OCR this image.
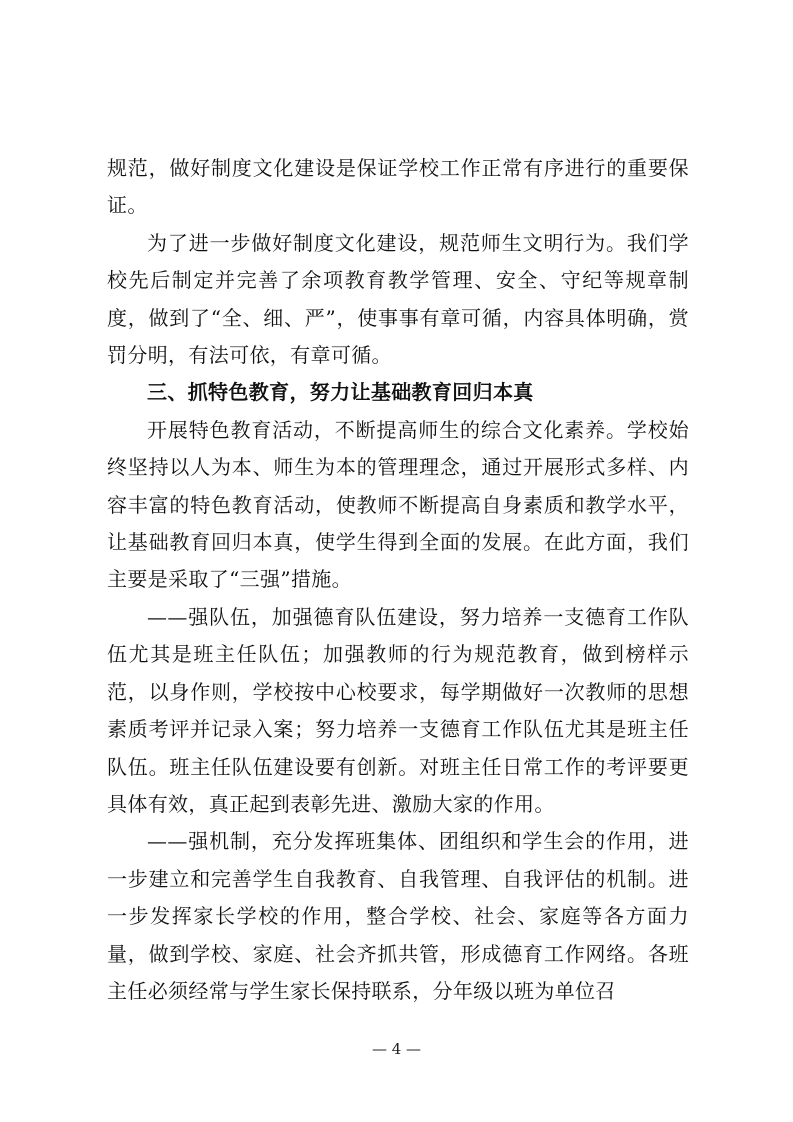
规范，做好制度文化建设是保证学校工作正常有序进行的重要保证。

为了进一步做好制度文化建设，规范师生文明行为。我们学校先后制定并完善了余项教育教学管理、安全、守纪等规章制度，做到了“全、细、严”，使事事有章可循，内容具体明确，赏罚分明，有法可依，有章可循。

三、抓特色教育，努力让基础教育回归本真

开展特色教育活动，不断提高师生的综合文化素养。学校始终坚持以人为本、师生为本的管理理念，通过开展形式多样、内容丰富的特色教育活动，使教师不断提高自身素质和教学水平，让基础教育回归本真，使学生得到全面的发展。在此方面，我们主要是采取了“三强”措施。

——强队伍，加强德育队伍建设，努力培养一支德育工作队伍尤其是班主任队伍；加强教师的行为规范教育，做到榜样示范，以身作则，学校按中心校要求，每学期做好一次教师的思想素质考评并记录入案；努力培养一支德育工作队伍尤其是班主任队伍。班主任队伍建设要有创新。对班主任日常工作的考评要更具体有效，真正起到表彰先进、激励大家的作用。

——强机制，充分发挥班集体、团组织和学生会的作用，进一步建立和完善学生自我教育、自我管理、自我评估的机制。进一步发挥家长学校的作用，整合学校、社会、家庭等各方面力量，做到学校、家庭、社会齐抓共管，形成德育工作网络。各班主任必须经常与学生家长保持联系，分年级以班为单位召

— 4 —
